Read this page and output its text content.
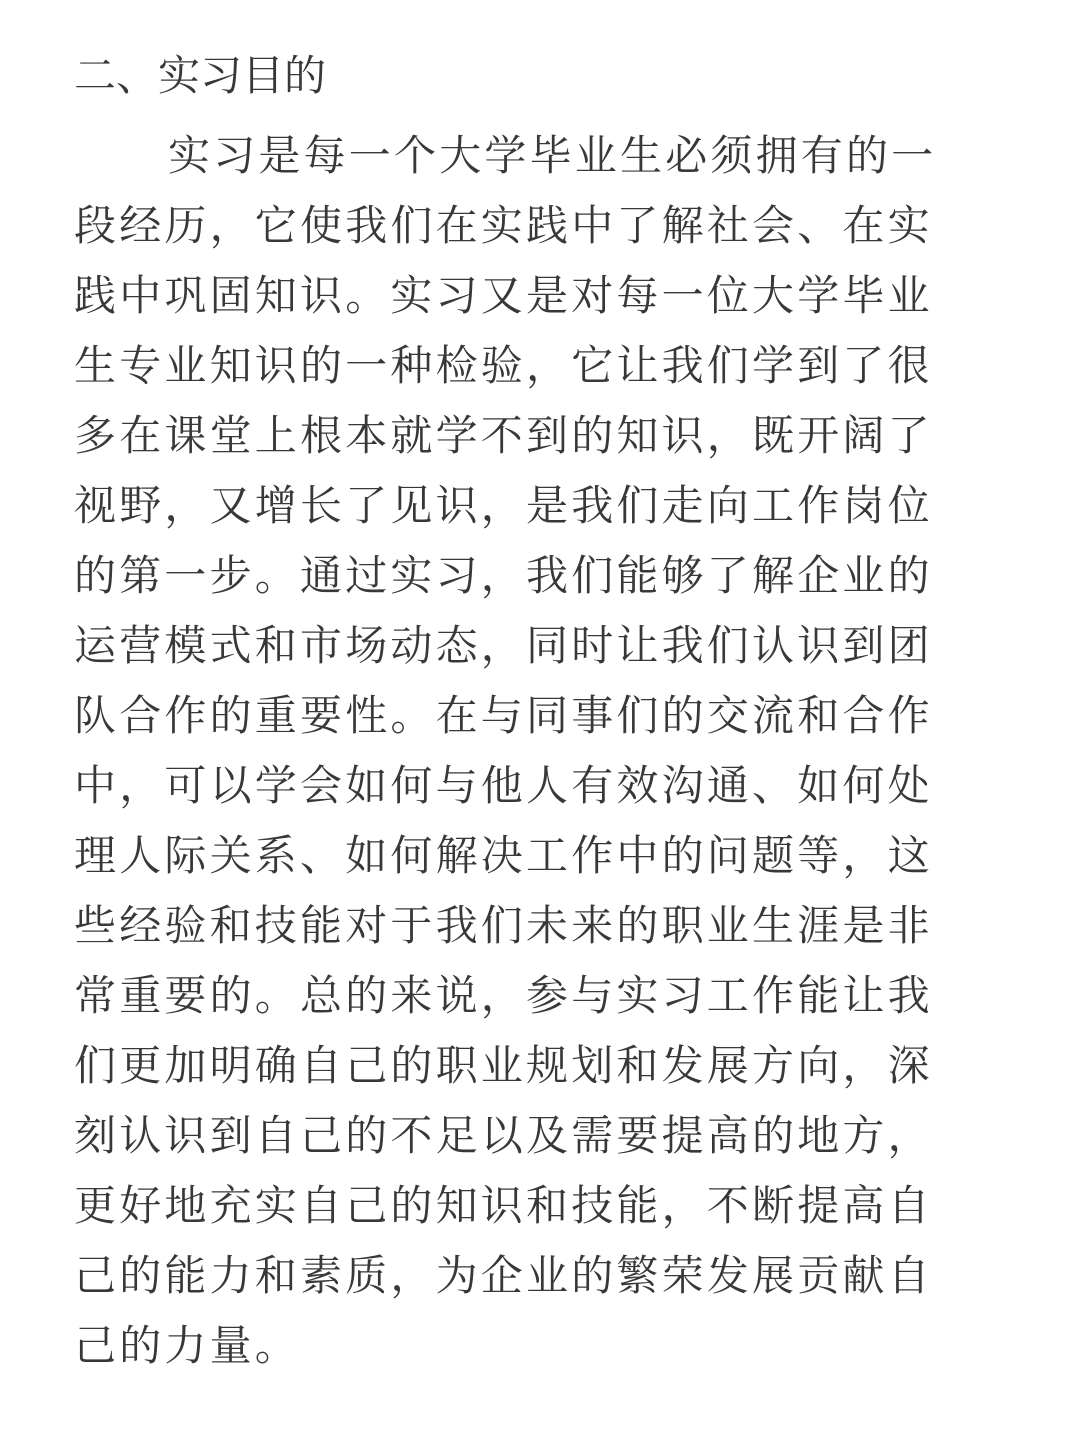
二、实习目的
实习是每一个大学毕业生必须拥有的一
段经历，它使我们在实践中了解社会、在实
践中巩固知识。实习又是对每一位大学毕业
生专业知识的一种检验，它让我们学到了很
多在课堂上根本就学不到的知识，既开阔了
视野，又增长了见识，是我们走向工作岗位
的第一步。通过实习，我们能够了解企业的
运营模式和市场动态，同时让我们认识到团
队合作的重要性。在与同事们的交流和合作
中，可以学会如何与他人有效沟通、如何处
理人际关系、如何解决工作中的问题等，这
些经验和技能对于我们未来的职业生涯是非
常重要的。总的来说，参与实习工作能让我
们更加明确自己的职业规划和发展方向，深
刻认识到自己的不足以及需要提高的地方，
更好地充实自己的知识和技能，不断提高自
己的能力和素质，为企业的繁荣发展贡献自
己的力量。
